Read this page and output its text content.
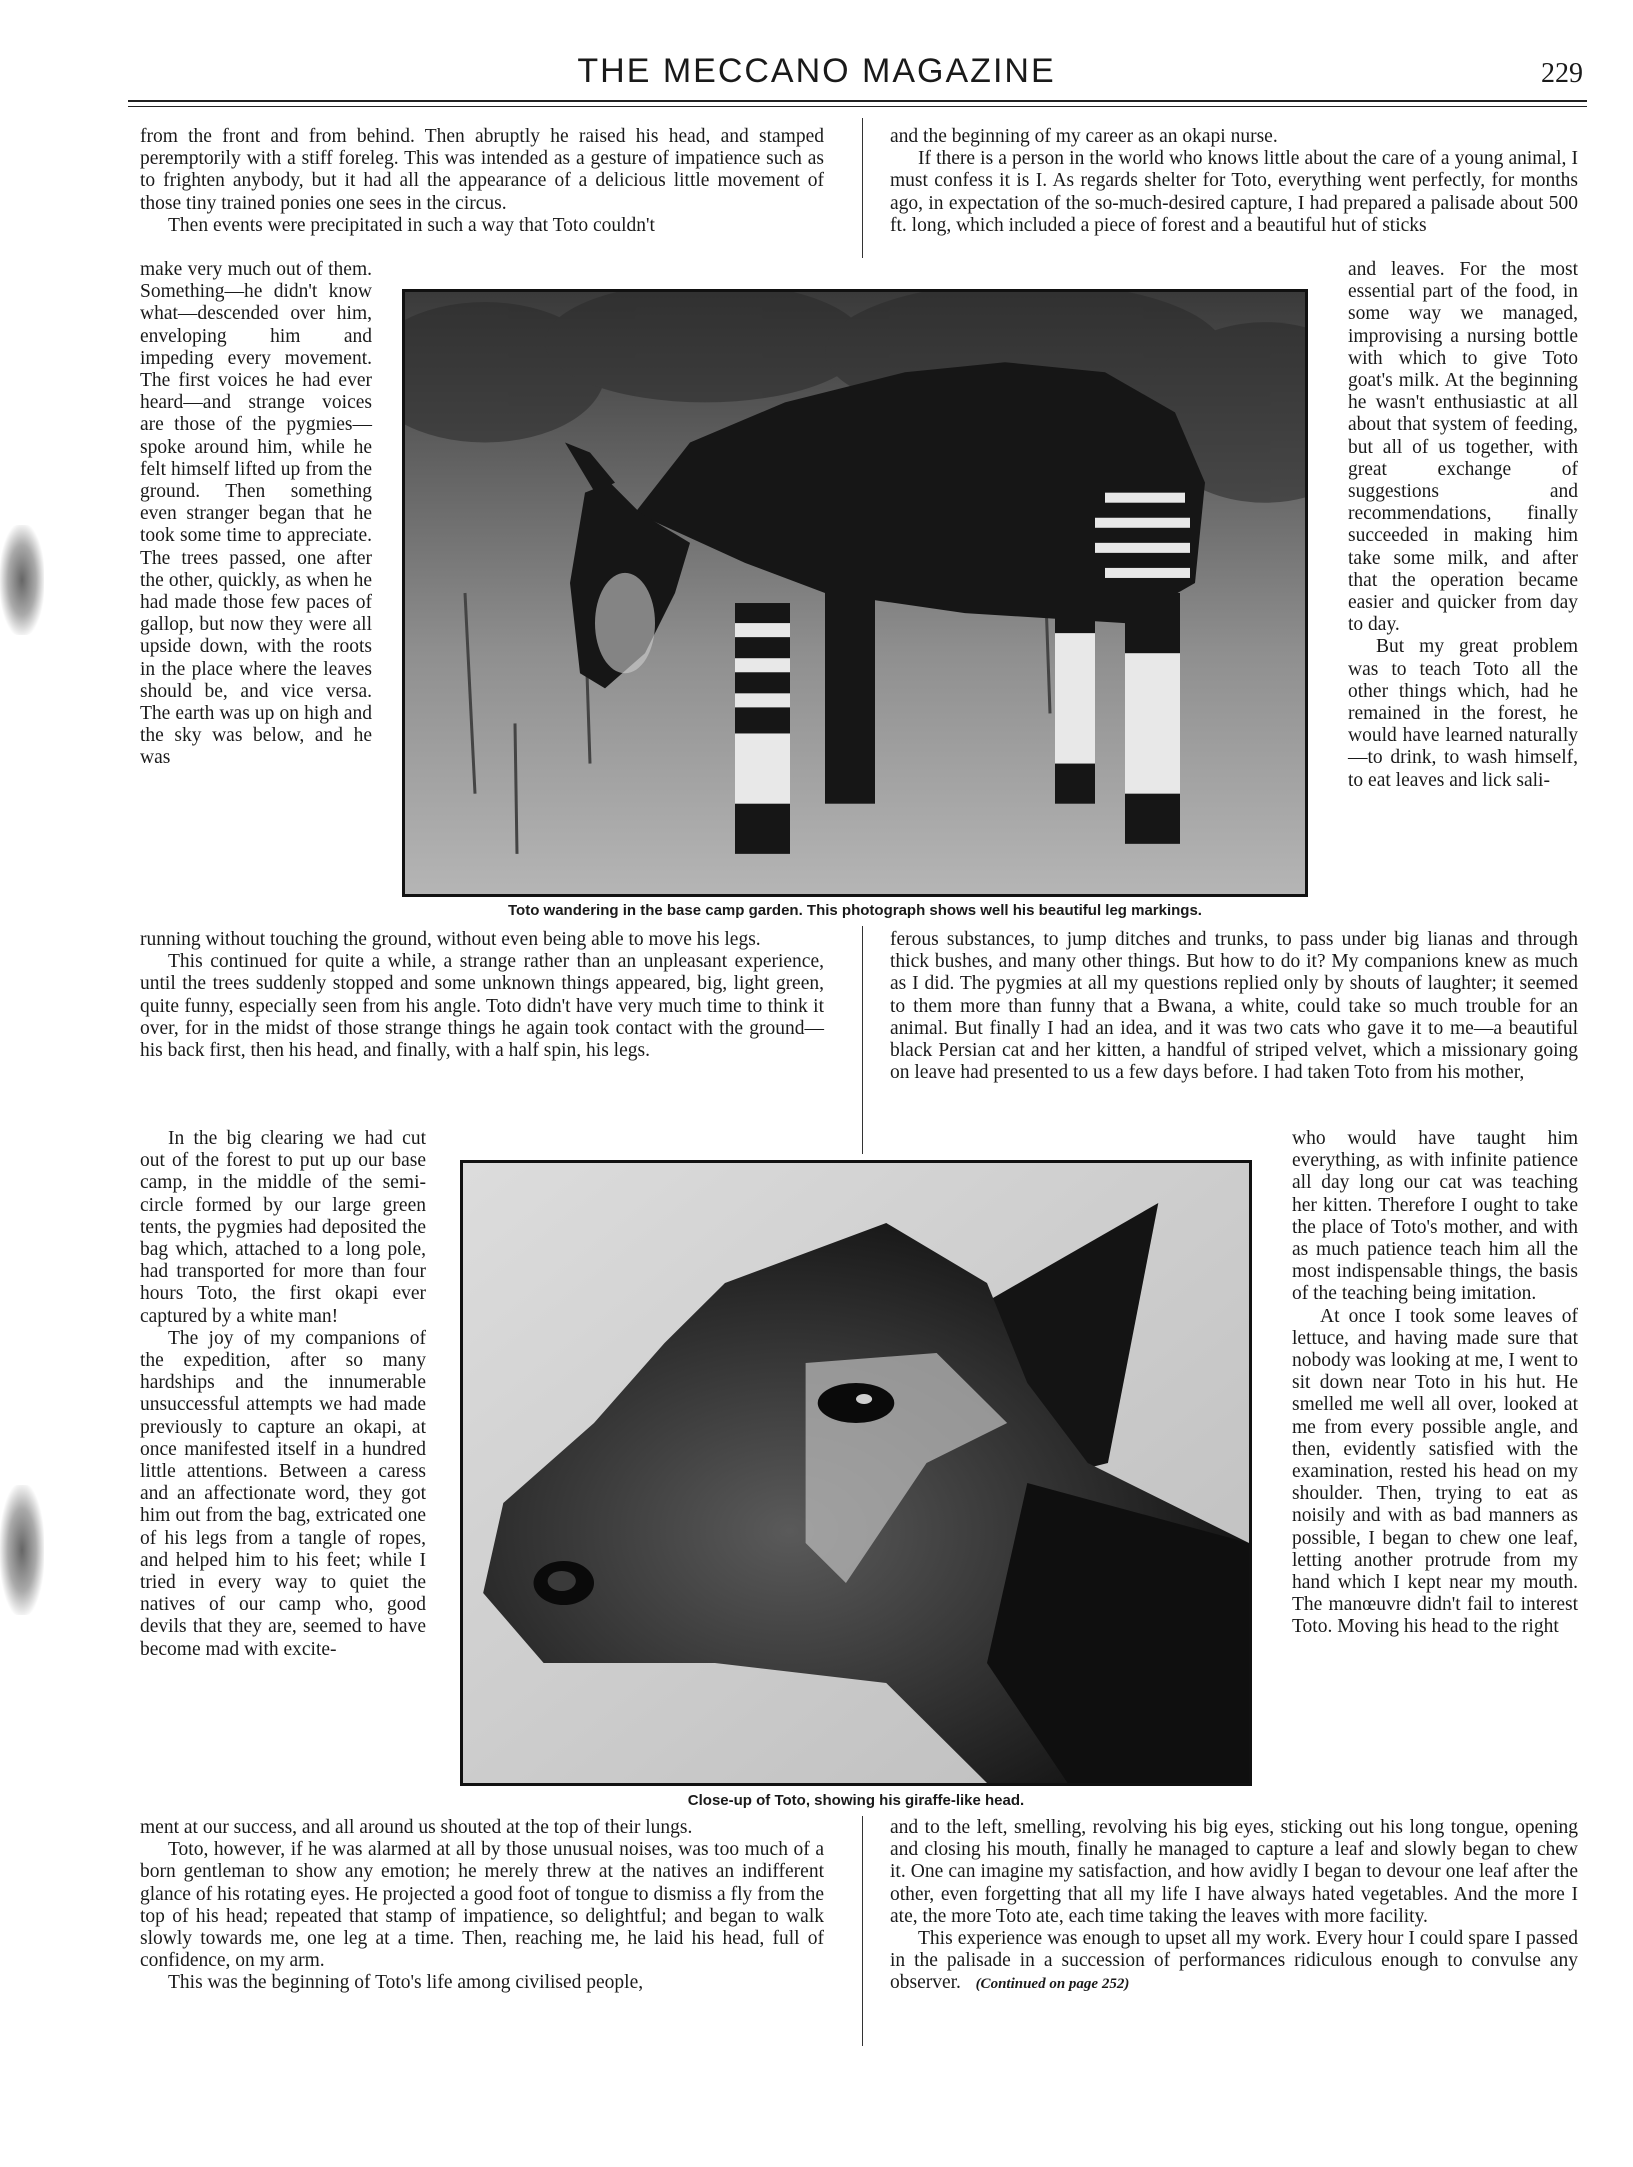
THE MECCANO MAGAZINE	229

from the front and from behind. Then abruptly he raised his head, and stamped peremptorily with a stiff foreleg. This was intended as a gesture of impatience such as to frighten anybody, but it had all the appearance of a delicious little movement of those tiny trained ponies one sees in the circus.

Then events were precipitated in such a way that Toto couldn't

make very much out of them. Something—he didn't know what—descended over him, enveloping him and impeding every movement. The first voices he had ever heard—and strange voices are those of the pygmies—spoke around him, while he felt himself lifted up from the ground. Then something even stranger began that he took some time to appreciate. The trees passed, one after the other, quickly, as when he had made those few paces of gallop, but now they were all upside down, with the roots in the place where the leaves should be, and vice versa. The earth was up on high and the sky was below, and he was

running without touching the ground, without even being able to move his legs.

This continued for quite a while, a strange rather than an unpleasant experience, until the trees suddenly stopped and some unknown things appeared, big, light green, quite funny, especially seen from his angle. Toto didn't have very much time to think it over, for in the midst of those strange things he again took contact with the ground—his back first, then his head, and finally, with a half spin, his legs.

In the big clearing we had cut out of the forest to put up our base camp, in the middle of the semi-circle formed by our large green tents, the pygmies had deposited the bag which, attached to a long pole, had transported for more than four hours Toto, the first okapi ever captured by a white man!

The joy of my companions of the expedition, after so many hardships and the innumerable unsuccessful attempts we had made previously to capture an okapi, at once manifested itself in a hundred little attentions. Between a caress and an affectionate word, they got him out from the bag, extricated one of his legs from a tangle of ropes, and helped him to his feet; while I tried in every way to quiet the natives of our camp who, good devils that they are, seemed to have become mad with excite-

ment at our success, and all around us shouted at the top of their lungs.

Toto, however, if he was alarmed at all by those unusual noises, was too much of a born gentleman to show any emotion; he merely threw at the natives an indifferent glance of his rotating eyes. He projected a good foot of tongue to dismiss a fly from the top of his head; repeated that stamp of impatience, so delightful; and began to walk slowly towards me, one leg at a time. Then, reaching me, he laid his head, full of confidence, on my arm.

This was the beginning of Toto's life among civilised people,

and the beginning of my career as an okapi nurse.

If there is a person in the world who knows little about the care of a young animal, I must confess it is I. As regards shelter for Toto, everything went perfectly, for months ago, in expectation of the so-much-desired capture, I had prepared a palisade about 500 ft. long, which included a piece of forest and a beautiful hut of sticks

and leaves. For the most essential part of the food, in some way we managed, improvising a nursing bottle with which to give Toto goat's milk. At the beginning he wasn't enthusiastic at all about that system of feeding, but all of us together, with great exchange of suggestions and recommendations, finally succeeded in making him take some milk, and after that the operation became easier and quicker from day to day.

But my great problem was to teach Toto all the other things which, had he remained in the forest, he would have learned naturally—to drink, to wash himself, to eat leaves and lick sali-

ferous substances, to jump ditches and trunks, to pass under big lianas and through thick bushes, and many other things. But how to do it? My companions knew as much as I did. The pygmies at all my questions replied only by shouts of laughter; it seemed to them more than funny that a Bwana, a white, could take so much trouble for an animal. But finally I had an idea, and it was two cats who gave it to me—a beautiful black Persian cat and her kitten, a handful of striped velvet, which a missionary going on leave had presented to us a few days before. I had taken Toto from his mother,

who would have taught him everything, as with infinite patience all day long our cat was teaching her kitten. Therefore I ought to take the place of Toto's mother, and with as much patience teach him all the most indispensable things, the basis of the teaching being imitation.

At once I took some leaves of lettuce, and having made sure that nobody was looking at me, I went to sit down near Toto in his hut. He smelled me well all over, looked at me from every possible angle, and then, evidently satisfied with the examination, rested his head on my shoulder. Then, trying to eat as noisily and with as bad manners as possible, I began to chew one leaf, letting another protrude from my hand which I kept near my mouth. The manœuvre didn't fail to interest Toto. Moving his head to the right

and to the left, smelling, revolving his big eyes, sticking out his long tongue, opening and closing his mouth, finally he managed to capture a leaf and slowly began to chew it. One can imagine my satisfaction, and how avidly I began to devour one leaf after the other, even forgetting that all my life I have always hated vegetables. And the more I ate, the more Toto ate, each time taking the leaves with more facility.

This experience was enough to upset all my work. Every hour I could spare I passed in the palisade in a succession of performances ridiculous enough to convulse any observer. (Continued on page 252)

Toto wandering in the base camp garden. This photograph shows well his beautiful leg markings.
Close-up of Toto, showing his giraffe-like head.
